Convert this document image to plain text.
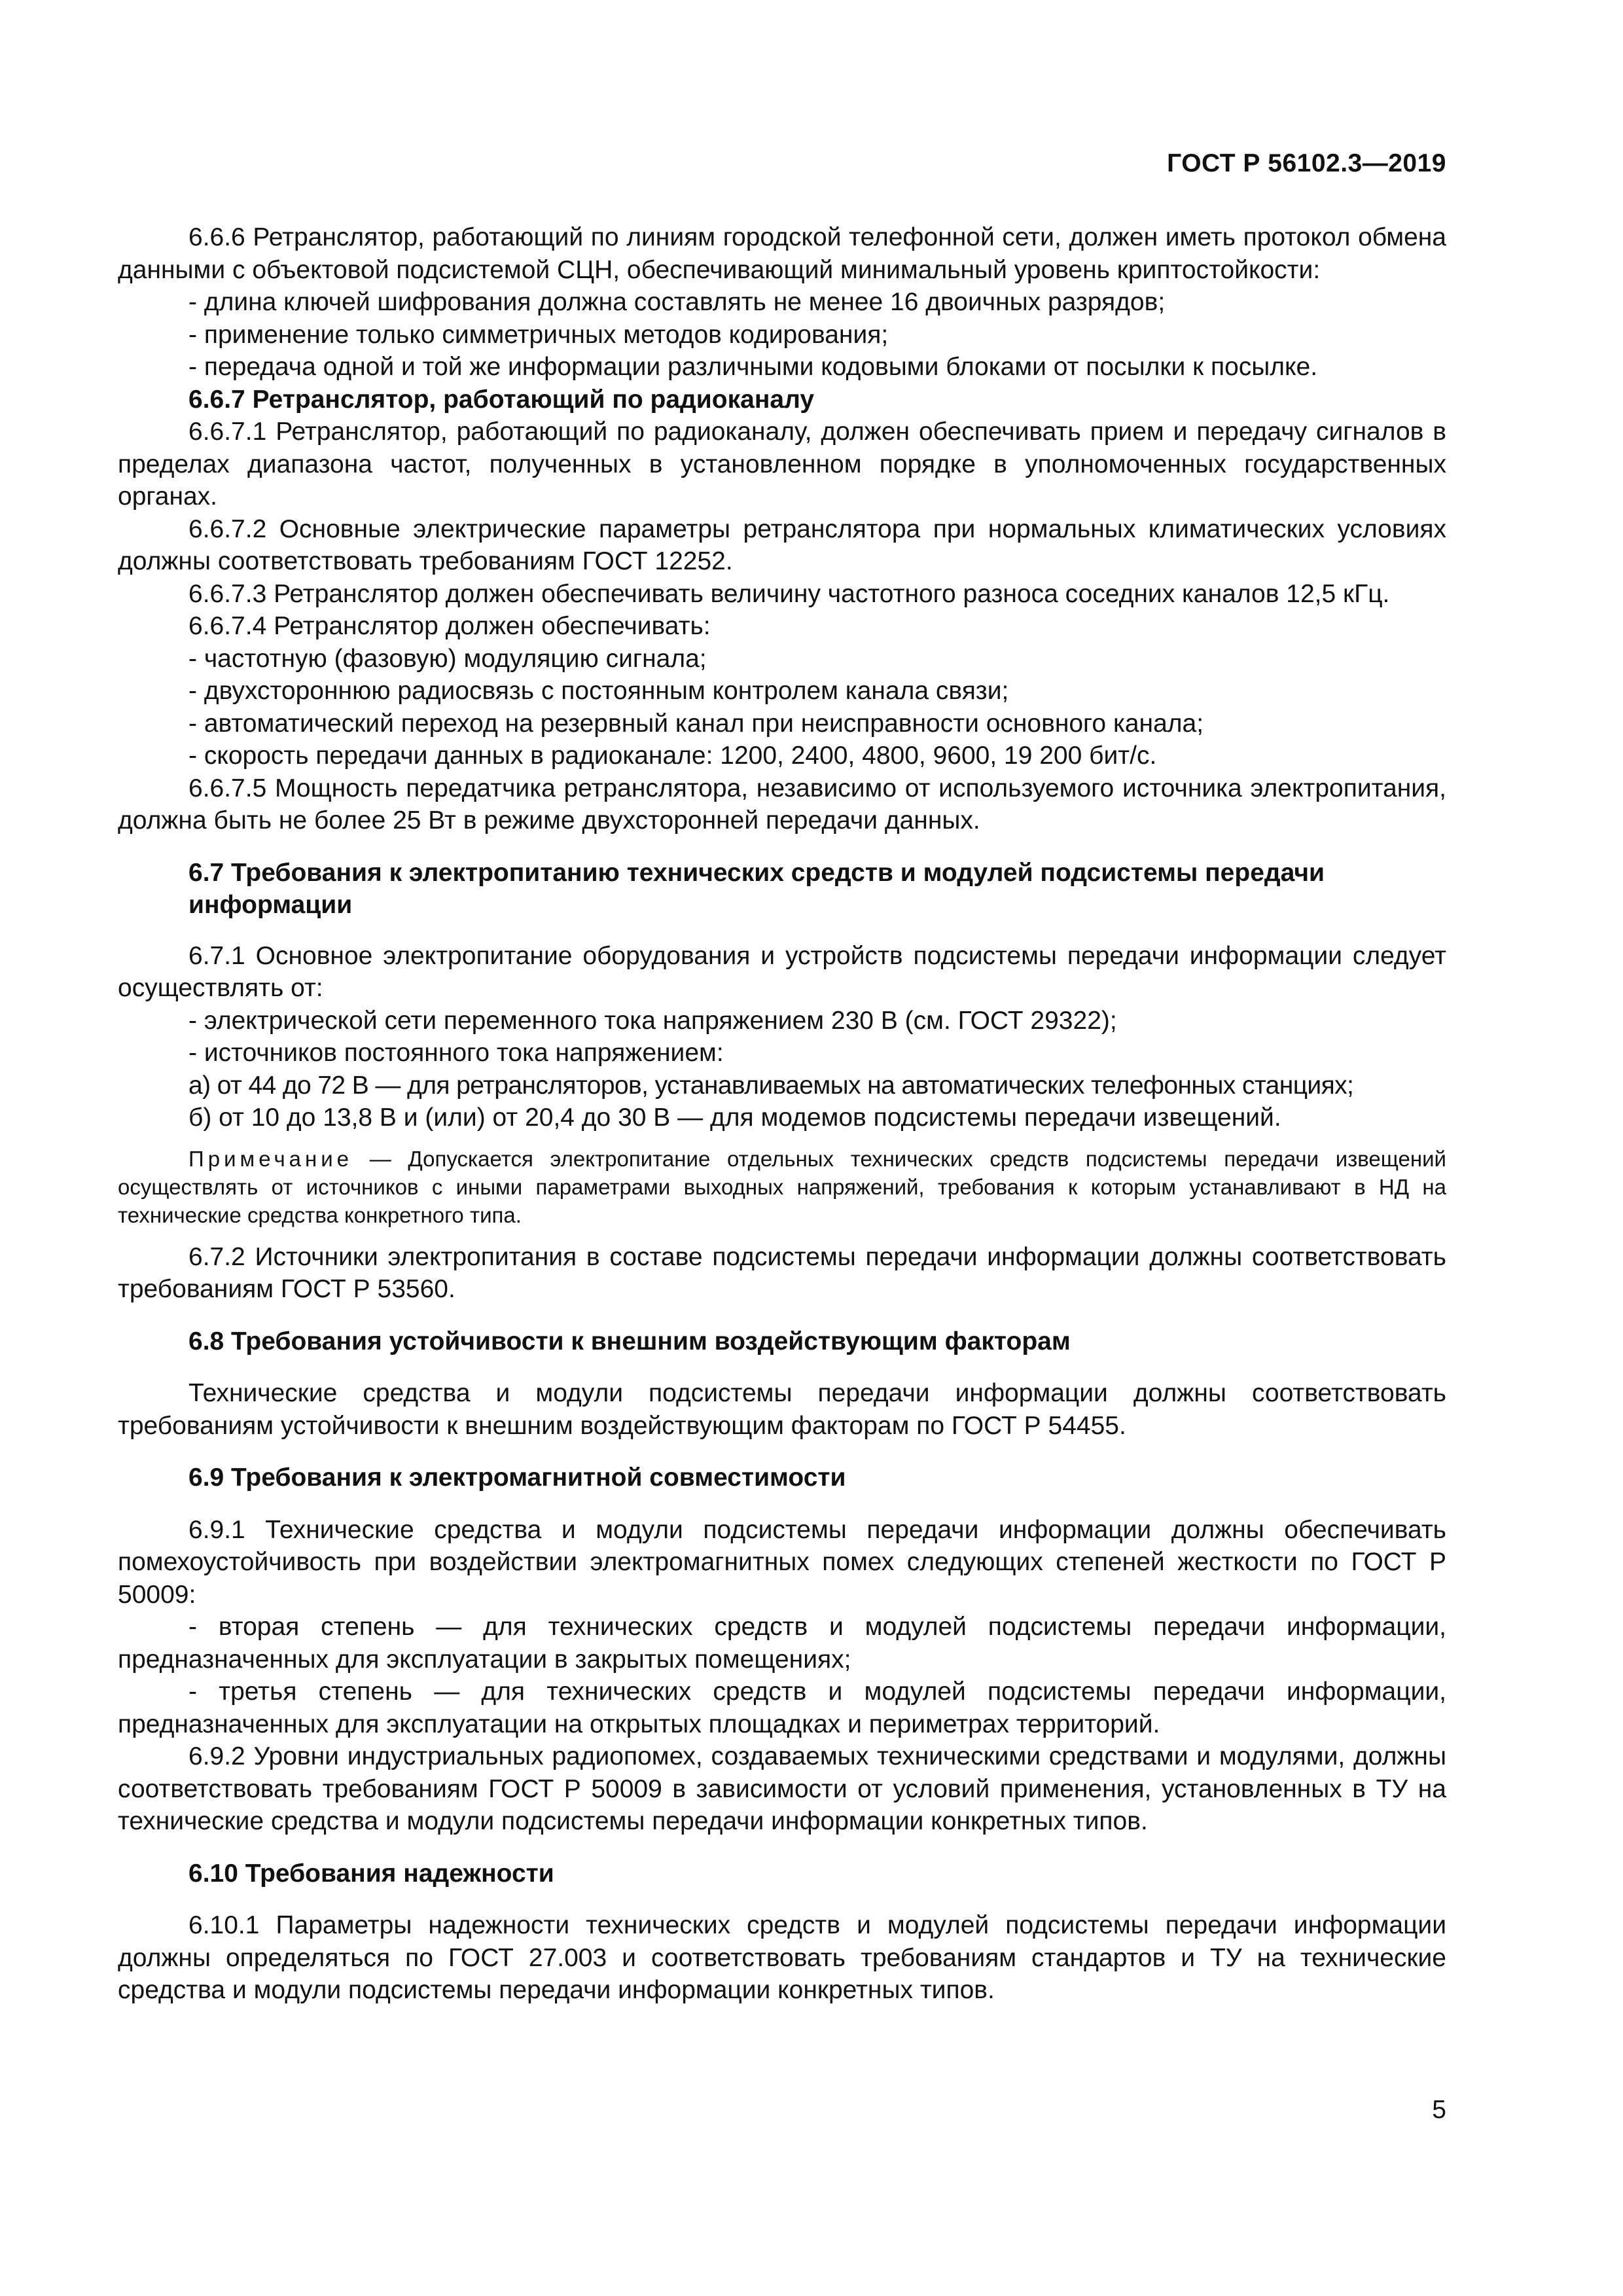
ГОСТ Р 56102.3—2019

6.6.6 Ретранслятор, работающий по линиям городской телефонной сети, должен иметь протокол обмена данными с объектовой подсистемой СЦН, обеспечивающий минимальный уровень криптостойкости:

- длина ключей шифрования должна составлять не менее 16 двоичных разрядов;

- применение только симметричных методов кодирования;

- передача одной и той же информации различными кодовыми блоками от посылки к посылке.

6.6.7 Ретранслятор, работающий по радиоканалу

6.6.7.1 Ретранслятор, работающий по радиоканалу, должен обеспечивать прием и передачу сигналов в пределах диапазона частот, полученных в установленном порядке в уполномоченных государственных органах.

6.6.7.2 Основные электрические параметры ретранслятора при нормальных климатических условиях должны соответствовать требованиям ГОСТ 12252.

6.6.7.3 Ретранслятор должен обеспечивать величину частотного разноса соседних каналов 12,5 кГц.

6.6.7.4 Ретранслятор должен обеспечивать:

- частотную (фазовую) модуляцию сигнала;

- двухстороннюю радиосвязь с постоянным контролем канала связи;

- автоматический переход на резервный канал при неисправности основного канала;

- скорость передачи данных в радиоканале: 1200, 2400, 4800, 9600, 19 200 бит/с.

6.6.7.5 Мощность передатчика ретранслятора, независимо от используемого источника электропитания, должна быть не более 25 Вт в режиме двухсторонней передачи данных.

6.7 Требования к электропитанию технических средств и модулей подсистемы передачи информации

6.7.1 Основное электропитание оборудования и устройств подсистемы передачи информации следует осуществлять от:

- электрической сети переменного тока напряжением 230 В (см. ГОСТ 29322);

- источников постоянного тока напряжением:

а) от 44 до 72 В — для ретрансляторов, устанавливаемых на автоматических телефонных станциях;

б) от 10 до 13,8 В и (или) от 20,4 до 30 В — для модемов подсистемы передачи извещений.

Примечание — Допускается электропитание отдельных технических средств подсистемы передачи извещений осуществлять от источников с иными параметрами выходных напряжений, требования к которым устанавливают в НД на технические средства конкретного типа.

6.7.2 Источники электропитания в составе подсистемы передачи информации должны соответствовать требованиям ГОСТ Р 53560.

6.8 Требования устойчивости к внешним воздействующим факторам

Технические средства и модули подсистемы передачи информации должны соответствовать требованиям устойчивости к внешним воздействующим факторам по ГОСТ Р 54455.

6.9 Требования к электромагнитной совместимости

6.9.1 Технические средства и модули подсистемы передачи информации должны обеспечивать помехоустойчивость при воздействии электромагнитных помех следующих степеней жесткости по ГОСТ Р 50009:

- вторая степень — для технических средств и модулей подсистемы передачи информации, предназначенных для эксплуатации в закрытых помещениях;

- третья степень — для технических средств и модулей подсистемы передачи информации, предназначенных для эксплуатации на открытых площадках и периметрах территорий.

6.9.2 Уровни индустриальных радиопомех, создаваемых техническими средствами и модулями, должны соответствовать требованиям ГОСТ Р 50009 в зависимости от условий применения, установленных в ТУ на технические средства и модули подсистемы передачи информации конкретных типов.

6.10 Требования надежности

6.10.1 Параметры надежности технических средств и модулей подсистемы передачи информации должны определяться по ГОСТ 27.003 и соответствовать требованиям стандартов и ТУ на технические средства и модули подсистемы передачи информации конкретных типов.

5
